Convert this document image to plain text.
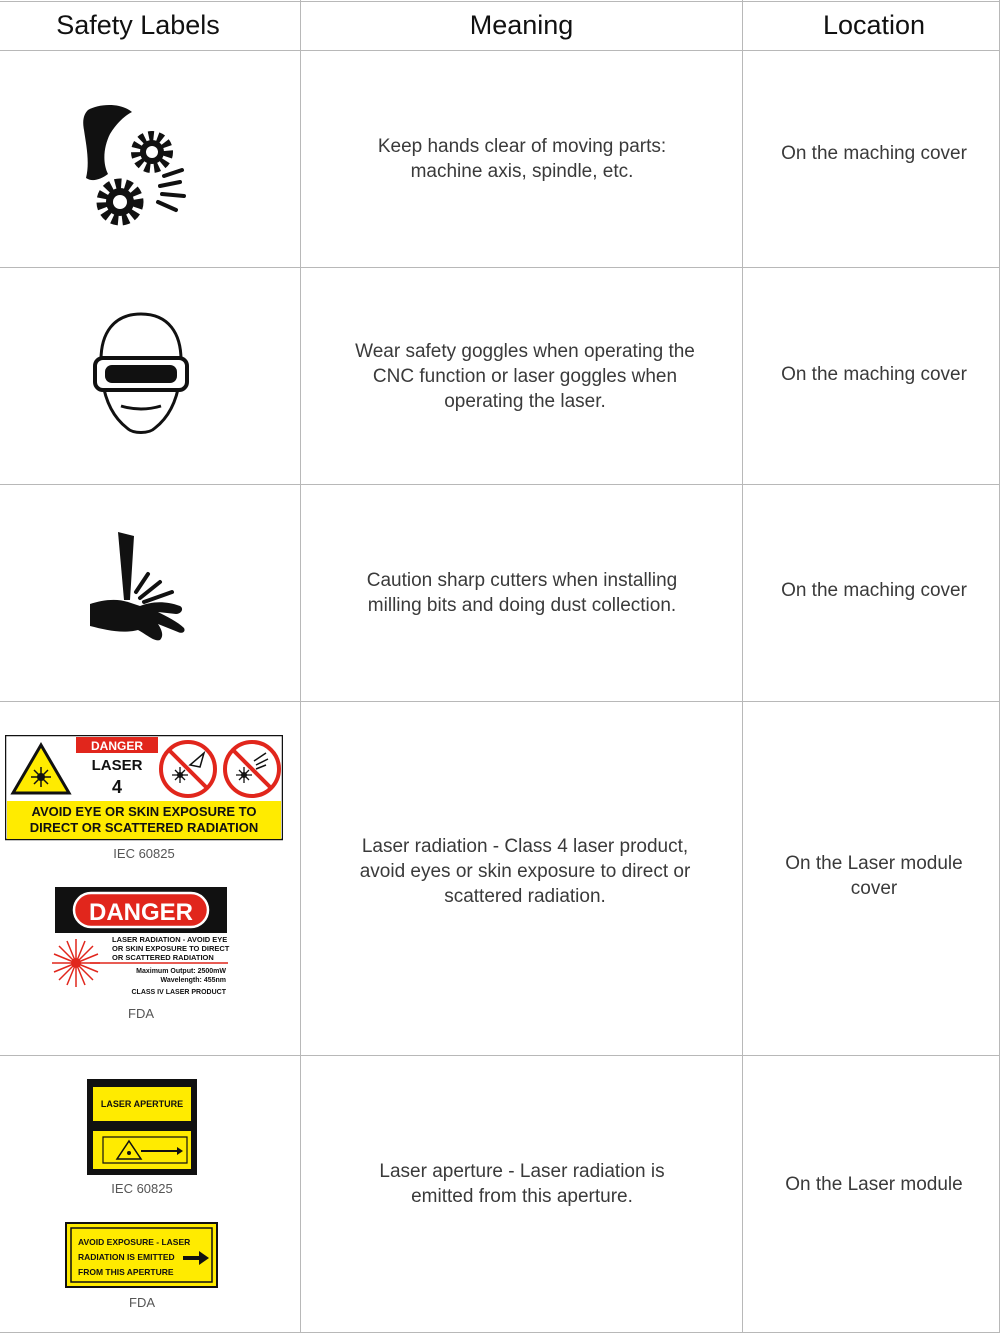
Safety Labels	Meaning	Location
Keep hands clear of moving parts: machine axis, spindle, etc.
On the maching cover
Wear safety goggles when operating the CNC function or laser goggles when operating the laser.
On the maching cover
Caution sharp cutters when installing milling bits and doing dust collection.
On the maching cover
DANGER
LASER
4
AVOID EYE OR SKIN EXPOSURE TO
DIRECT OR SCATTERED RADIATION
IEC 60825
DANGER
LASER RADIATION - AVOID EYE
OR SKIN EXPOSURE TO DIRECT
OR SCATTERED RADIATION
Maximum Output: 2500mW
Wavelength: 455nm
CLASS IV LASER PRODUCT
FDA
Laser radiation - Class 4 laser product, avoid eyes or skin exposure to direct or scattered radiation.
On the Laser module cover
LASER APERTURE
IEC 60825
AVOID EXPOSURE - LASER
RADIATION IS EMITTED
FROM THIS APERTURE
FDA
Laser aperture - Laser radiation is emitted from this aperture.
On the Laser module
